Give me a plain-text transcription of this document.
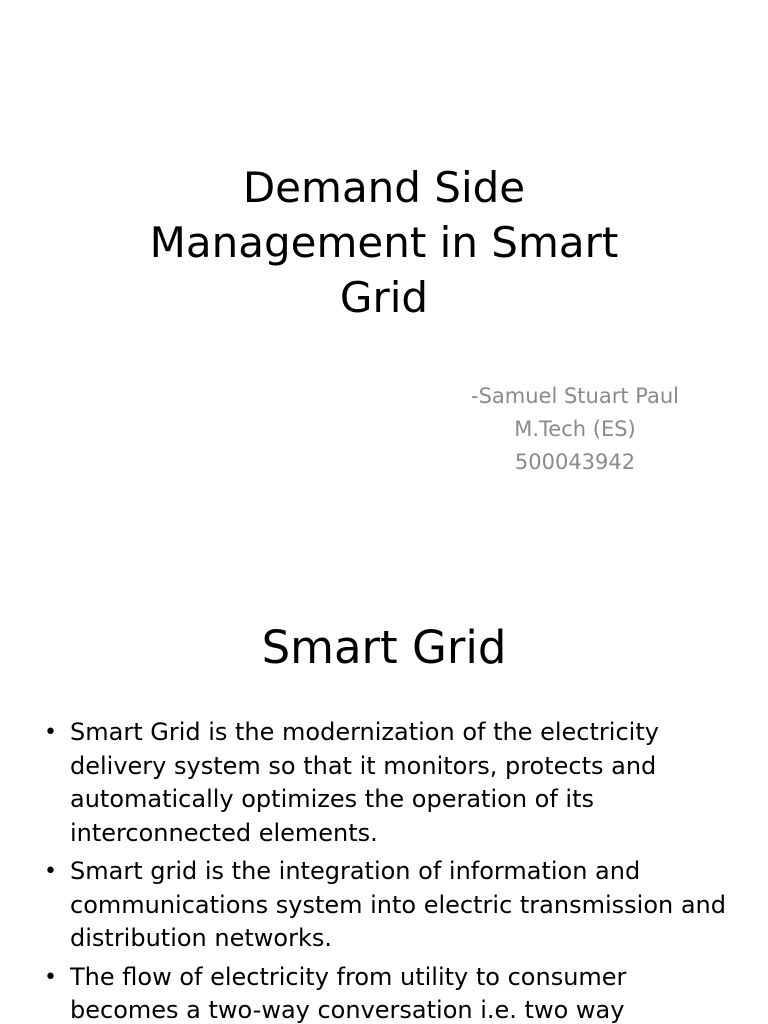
Demand Side
Management in Smart
Grid
-Samuel Stuart Paul
M.Tech (ES)
500043942
Smart Grid
• Smart Grid is the modernization of the electricity delivery system so that it monitors, protects and automatically optimizes the operation of its interconnected elements.
• Smart grid is the integration of information and communications system into electric transmission and distribution networks.
• The flow of electricity from utility to consumer becomes a two-way conversation i.e. two way
